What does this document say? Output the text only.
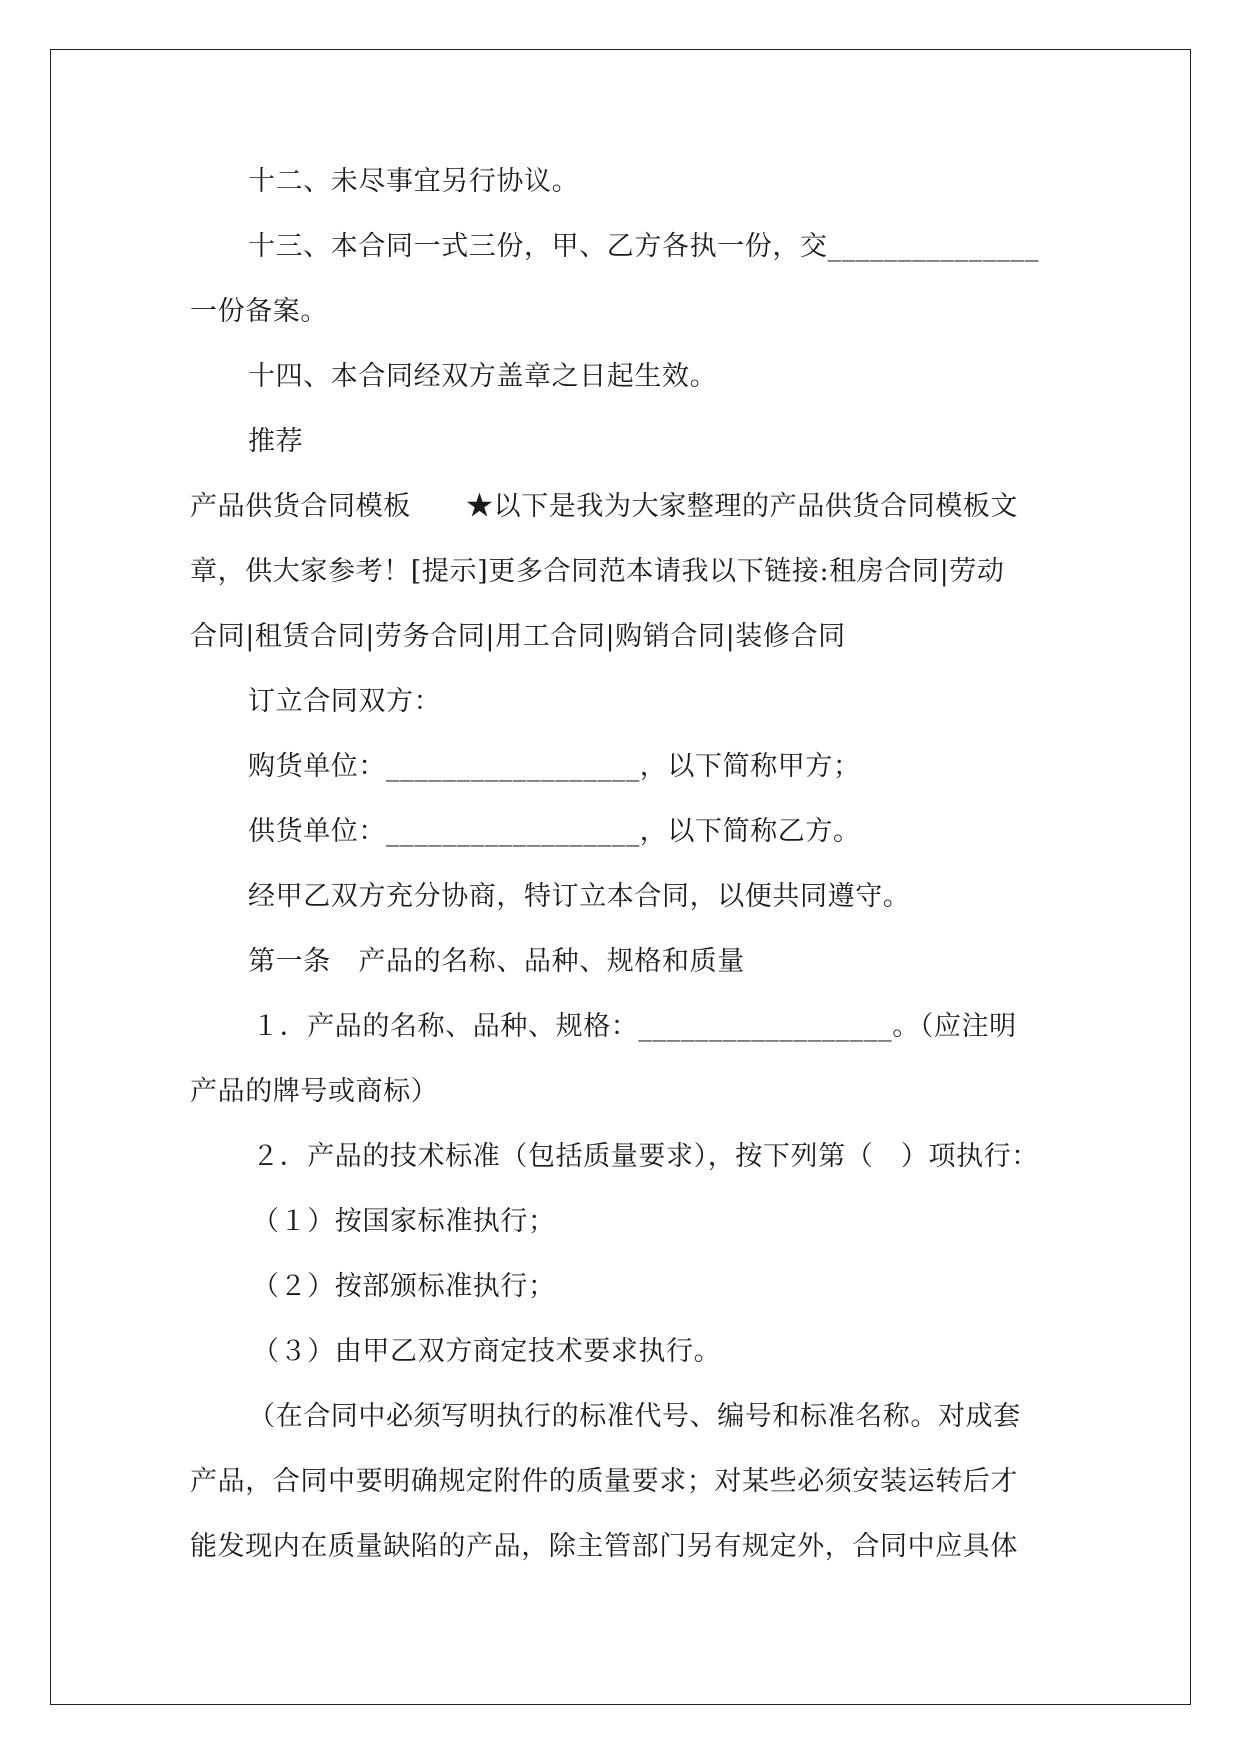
十二、未尽事宜另行协议。
十三、本合同一式三份，甲、乙方各执一份，交_______________
一份备案。
十四、本合同经双方盖章之日起生效。
推荐
产品供货合同模板　　★以下是我为大家整理的产品供货合同模板文
章，供大家参考！[提示]更多合同范本请我以下链接:租房合同|劳动
合同|租赁合同|劳务合同|用工合同|购销合同|装修合同
订立合同双方：
购货单位：__________________，以下简称甲方；
供货单位：__________________，以下简称乙方。
经甲乙双方充分协商，特订立本合同，以便共同遵守。
第一条　产品的名称、品种、规格和质量
１．产品的名称、品种、规格：__________________。（应注明
产品的牌号或商标）
２．产品的技术标准（包括质量要求），按下列第（　）项执行：
（１）按国家标准执行；
（２）按部颁标准执行；
（３）由甲乙双方商定技术要求执行。
（在合同中必须写明执行的标准代号、编号和标准名称。对成套
产品，合同中要明确规定附件的质量要求；对某些必须安装运转后才
能发现内在质量缺陷的产品，除主管部门另有规定外，合同中应具体
